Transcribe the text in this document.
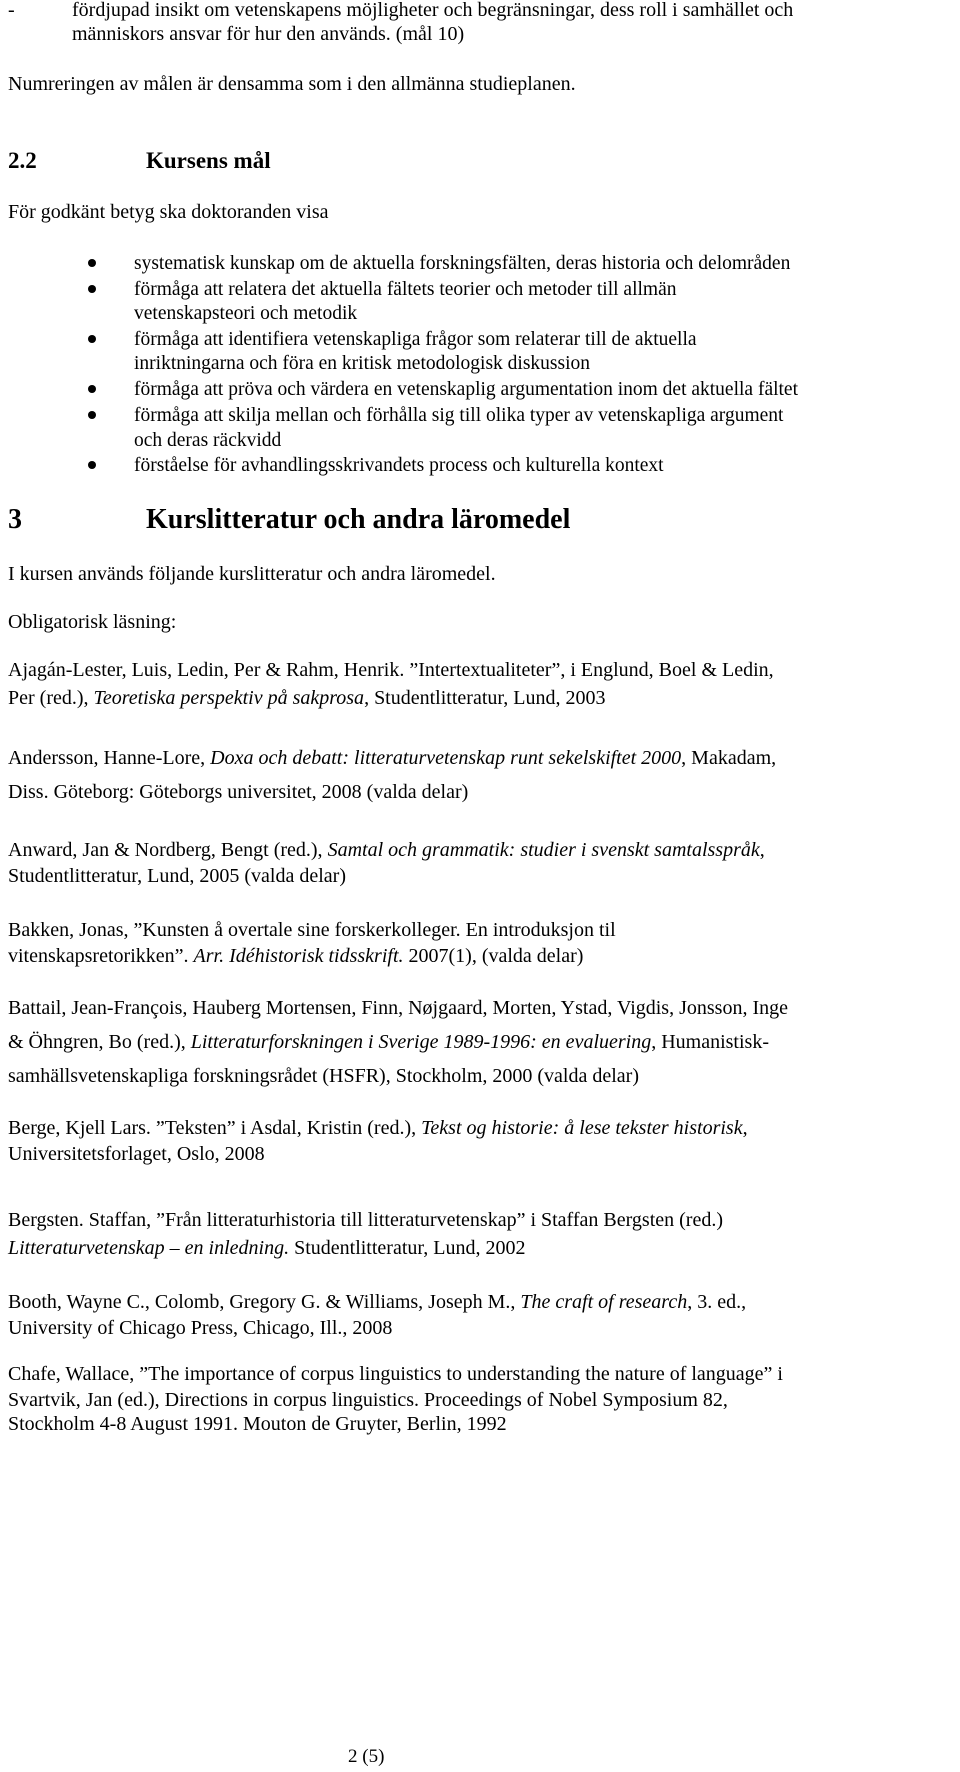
-	fördjupad insikt om vetenskapens möjligheter och begränsningar, dess roll i samhället och
människors ansvar för hur den används. (mål 10)
Numreringen av målen är densamma som i den allmänna studieplanen.
2.2	Kursens mål
För godkänt betyg ska doktoranden visa
systematisk kunskap om de aktuella forskningsfälten, deras historia och delområden
förmåga att relatera det aktuella fältets teorier och metoder till allmän
vetenskapsteori och metodik
förmåga att identifiera vetenskapliga frågor som relaterar till de aktuella
inriktningarna och föra en kritisk metodologisk diskussion
förmåga att pröva och värdera en vetenskaplig argumentation inom det aktuella fältet
förmåga att skilja mellan och förhålla sig till olika typer av vetenskapliga argument
och deras räckvidd
förståelse för avhandlingsskrivandets process och kulturella kontext
3	Kurslitteratur och andra läromedel
I kursen används följande kurslitteratur och andra läromedel.
Obligatorisk läsning:
Ajagán-Lester, Luis, Ledin, Per & Rahm, Henrik. ”Intertextualiteter”, i Englund, Boel & Ledin,
Per (red.), Teoretiska perspektiv på sakprosa, Studentlitteratur, Lund, 2003
Andersson, Hanne-Lore, Doxa och debatt: litteraturvetenskap runt sekelskiftet 2000, Makadam,
Diss. Göteborg: Göteborgs universitet, 2008 (valda delar)
Anward, Jan & Nordberg, Bengt (red.), Samtal och grammatik: studier i svenskt samtalsspråk,
Studentlitteratur, Lund, 2005 (valda delar)
Bakken, Jonas, ”Kunsten å overtale sine forskerkolleger. En introduksjon til
vitenskapsretorikken”. Arr. Idéhistorisk tidsskrift. 2007(1), (valda delar)
Battail, Jean-François, Hauberg Mortensen, Finn, Nøjgaard, Morten, Ystad, Vigdis, Jonsson, Inge
& Öhngren, Bo (red.), Litteraturforskningen i Sverige 1989-1996: en evaluering, Humanistisk-
samhällsvetenskapliga forskningsrådet (HSFR), Stockholm, 2000 (valda delar)
Berge, Kjell Lars. ”Teksten” i Asdal, Kristin (red.), Tekst og historie: å lese tekster historisk,
Universitetsforlaget, Oslo, 2008
Bergsten. Staffan, ”Från litteraturhistoria till litteraturvetenskap” i Staffan Bergsten (red.)
Litteraturvetenskap – en inledning. Studentlitteratur, Lund, 2002
Booth, Wayne C., Colomb, Gregory G. & Williams, Joseph M., The craft of research, 3. ed.,
University of Chicago Press, Chicago, Ill., 2008
Chafe, Wallace, ”The importance of corpus linguistics to understanding the nature of language” i
Svartvik, Jan (ed.), Directions in corpus linguistics. Proceedings of Nobel Symposium 82,
Stockholm 4-8 August 1991. Mouton de Gruyter, Berlin, 1992
2 (5)
